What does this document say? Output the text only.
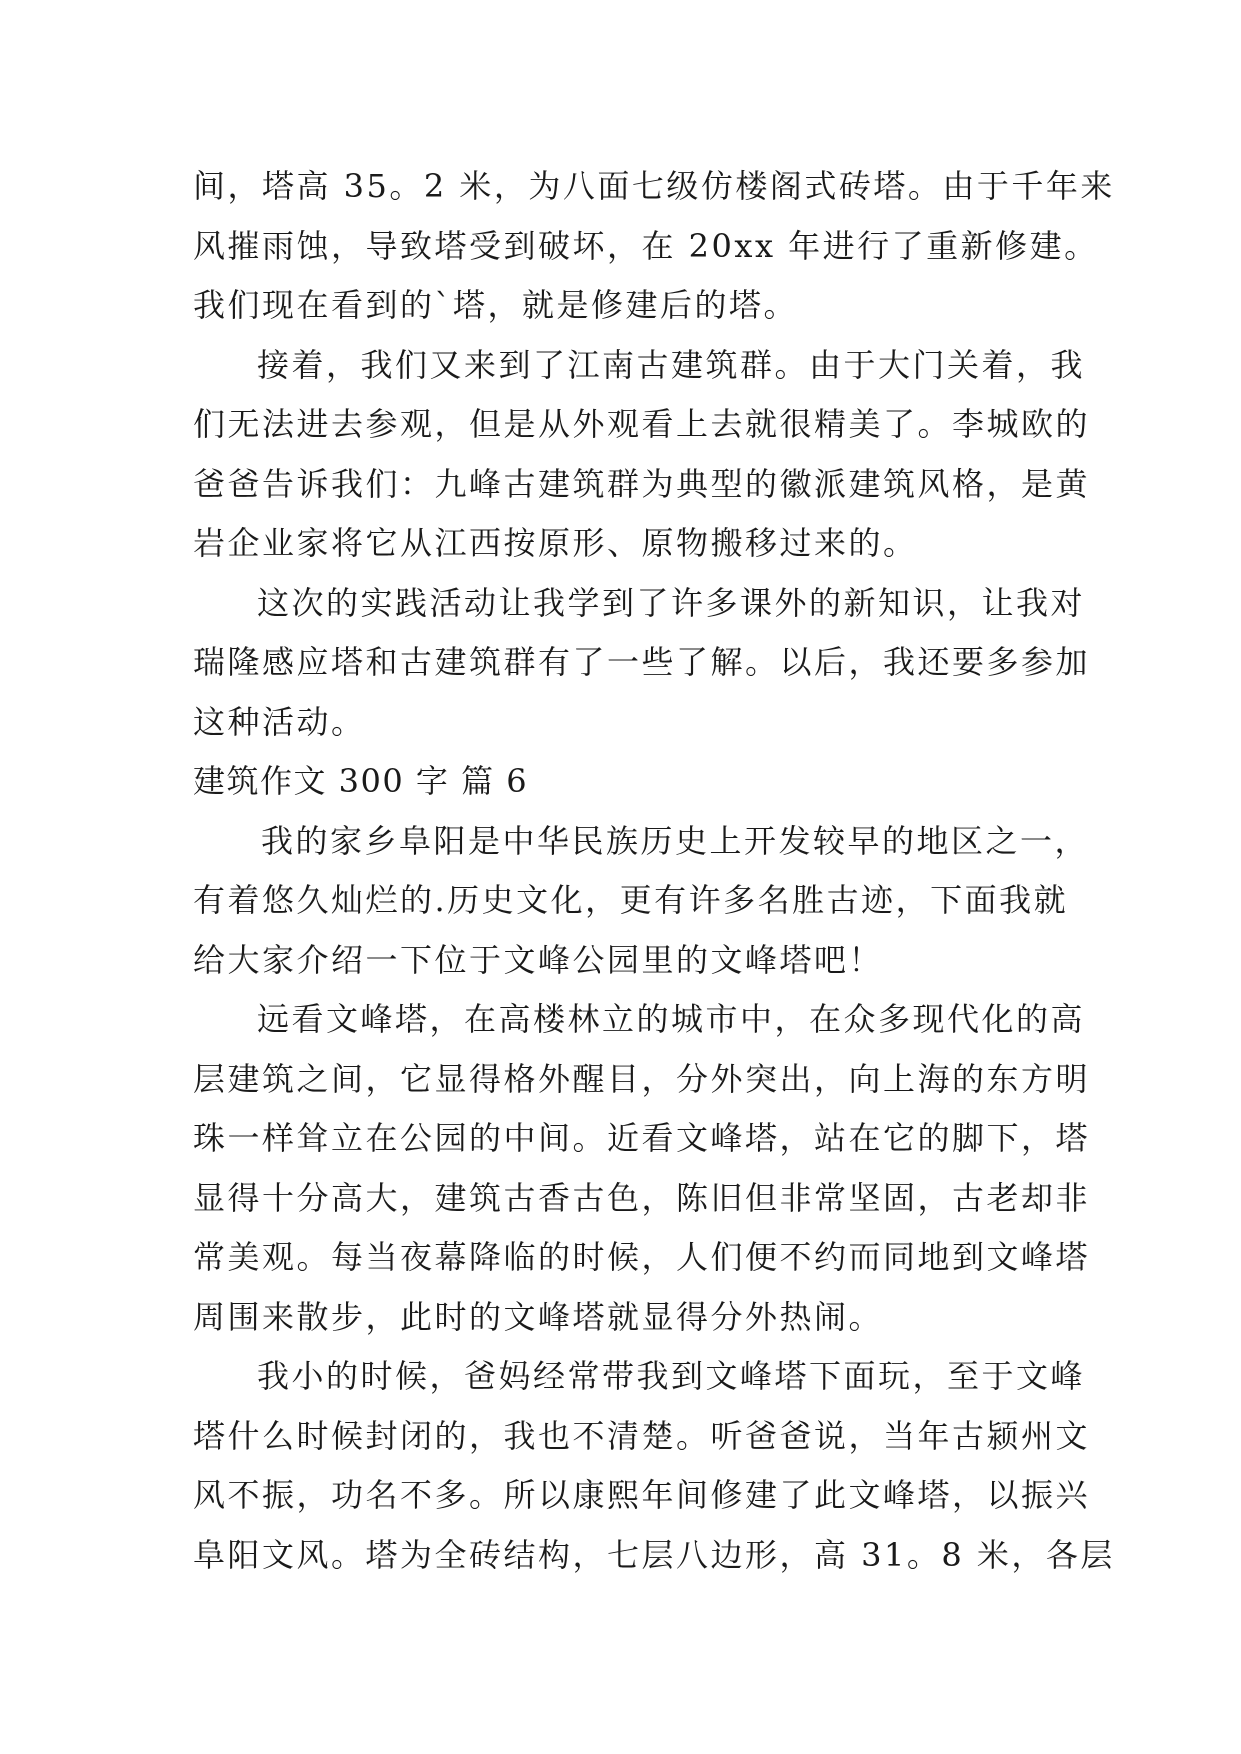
间，塔高 35。2 米，为八面七级仿楼阁式砖塔。由于千年来
风摧雨蚀，导致塔受到破坏，在 20xx 年进行了重新修建。
我们现在看到的`塔，就是修建后的塔。
接着，我们又来到了江南古建筑群。由于大门关着，我
们无法进去参观，但是从外观看上去就很精美了。李城欧的
爸爸告诉我们：九峰古建筑群为典型的徽派建筑风格，是黄
岩企业家将它从江西按原形、原物搬移过来的。
这次的实践活动让我学到了许多课外的新知识，让我对
瑞隆感应塔和古建筑群有了一些了解。以后，我还要多参加
这种活动。
建筑作文 300 字 篇 6
我的家乡阜阳是中华民族历史上开发较早的地区之一，
有着悠久灿烂的.历史文化，更有许多名胜古迹，下面我就
给大家介绍一下位于文峰公园里的文峰塔吧！
远看文峰塔，在高楼林立的城市中，在众多现代化的高
层建筑之间，它显得格外醒目，分外突出，向上海的东方明
珠一样耸立在公园的中间。近看文峰塔，站在它的脚下，塔
显得十分高大，建筑古香古色，陈旧但非常坚固，古老却非
常美观。每当夜幕降临的时候，人们便不约而同地到文峰塔
周围来散步，此时的文峰塔就显得分外热闹。
我小的时候，爸妈经常带我到文峰塔下面玩，至于文峰
塔什么时候封闭的，我也不清楚。听爸爸说，当年古颍州文
风不振，功名不多。所以康熙年间修建了此文峰塔，以振兴
阜阳文风。塔为全砖结构，七层八边形，高 31。8 米，各层
